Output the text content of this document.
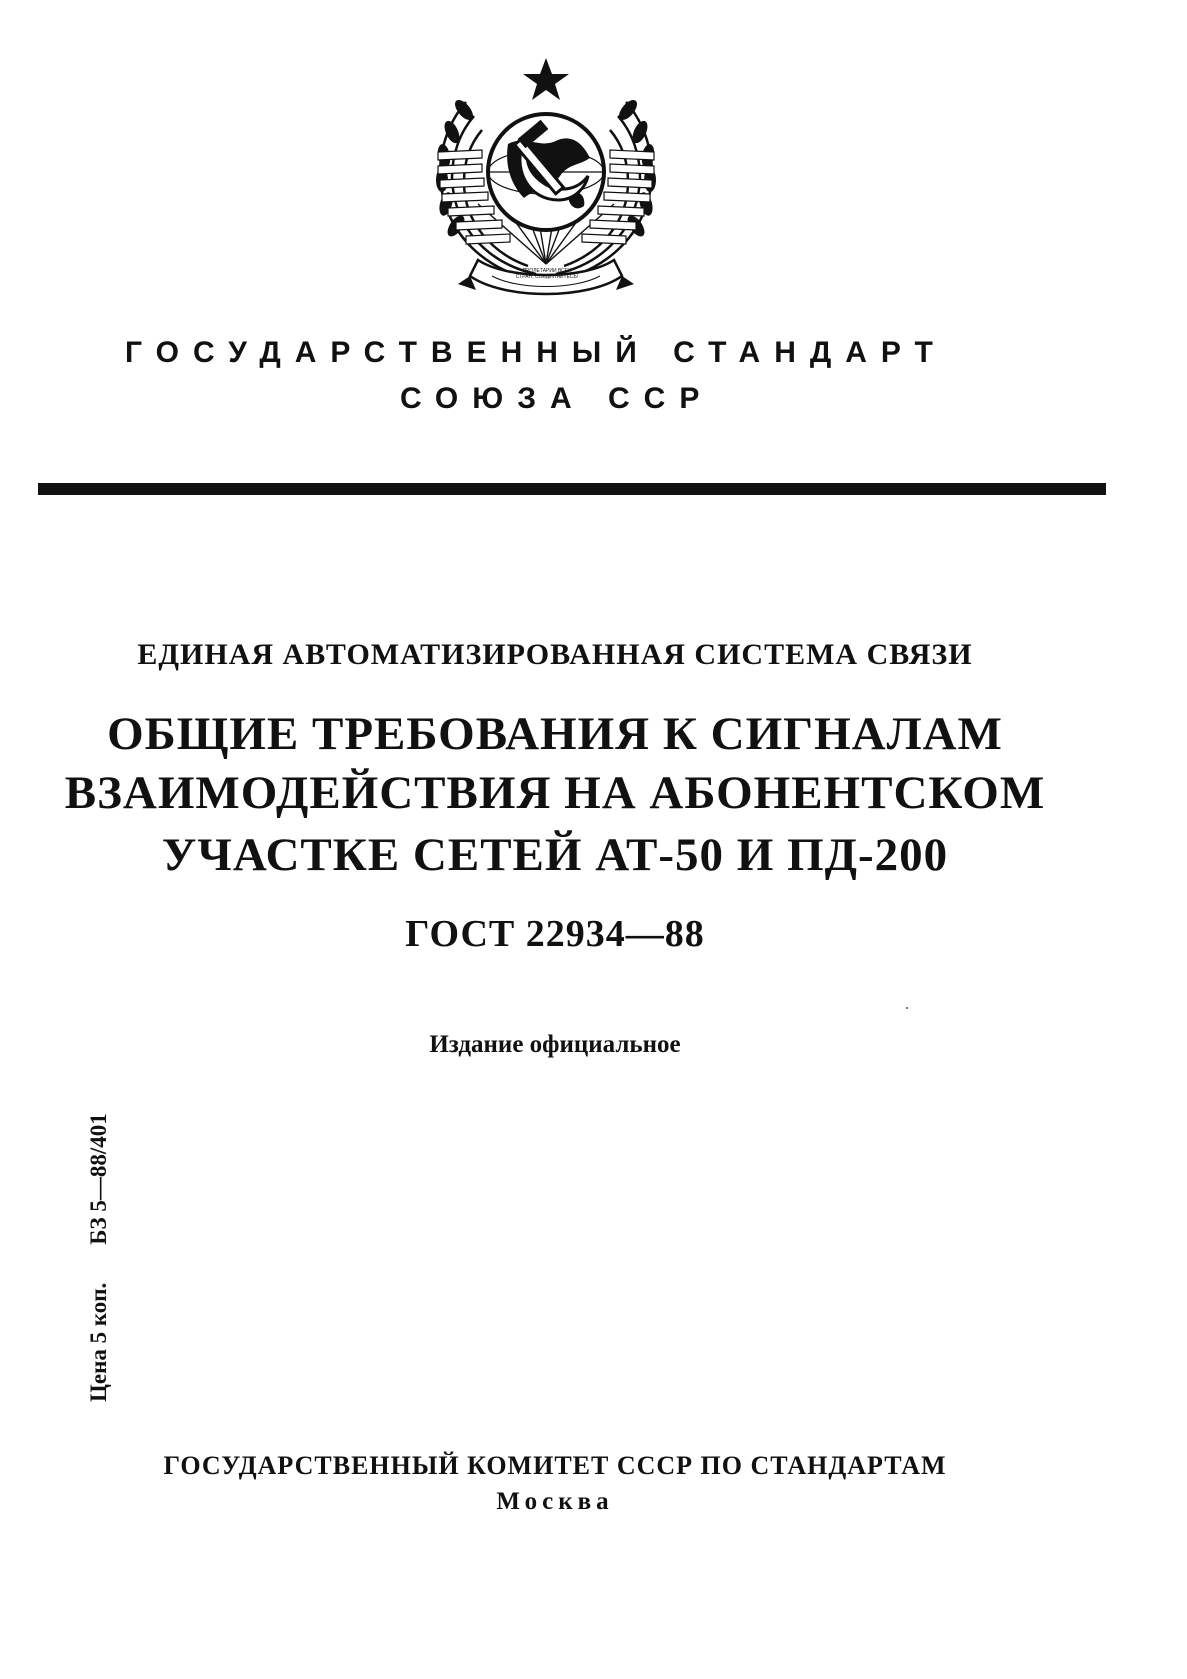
ПРОЛЕТАРИИ ВСЕХ
СТРАН, СОЕДИНЯЙТЕСЬ!
ГОСУДАРСТВЕННЫЙ СТАНДАРТ
СОЮЗА ССР
ЕДИНАЯ АВТОМАТИЗИРОВАННАЯ СИСТЕМА СВЯЗИ
ОБЩИЕ ТРЕБОВАНИЯ К СИГНАЛАМ
ВЗАИМОДЕЙСТВИЯ НА АБОНЕНТСКОМ
УЧАСТКЕ СЕТЕЙ АТ-50 И ПД-200
ГОСТ 22934—88
Издание официальное
Цена 5 коп.БЗ 5—88/401
ГОСУДАРСТВЕННЫЙ КОМИТЕТ СССР ПО СТАНДАРТАМ
Москва
